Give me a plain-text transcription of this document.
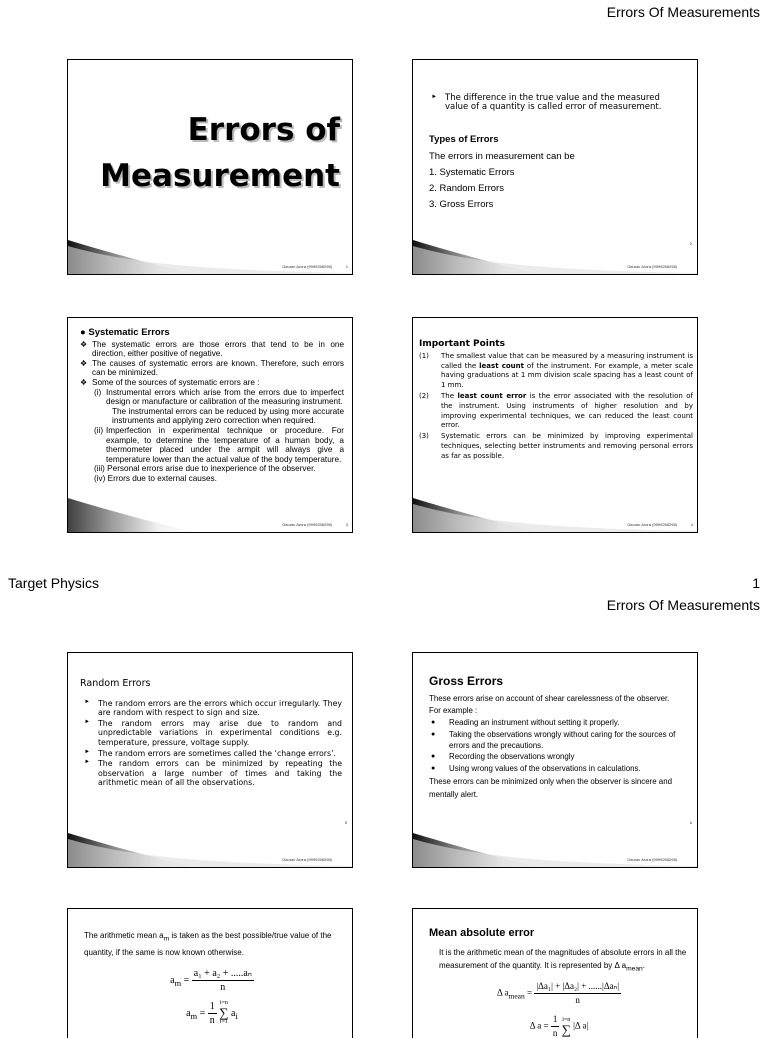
Errors Of Measurements
Errors of
Measurement
Gaurav Arora (9999258298)	1
‣ The difference in the true value and the measured value of a quantity is called error of measurement.
Types of Errors
The errors in measurement can be
1. Systematic Errors
2. Random Errors
3. Gross Errors
2
Gaurav Arora (9999258298)
● Systematic Errors
❖ The systematic errors are those errors that tend to be in one direction, either positive of negative.
❖ The causes of systematic errors are known. Therefore, such errors can be minimized.
❖ Some of the sources of systematic errors are :
(i) Instrumental errors which arise from the errors due to imperfect design or manufacture or calibration of the measuring instrument.
The instrumental errors can be reduced by using more accurate instruments and applying zero correction when required.
(ii) Imperfection in experimental technique or procedure. For example, to determine the temperature of a human body, a thermometer placed under the armpit will always give a temperature lower than the actual value of the body temperature.
(iii) Personal errors arise due to inexperience of the observer.
(iv) Errors due to external causes.
Gaurav Arora (9999258298)	3
Important Points
(1) The smallest value that can be measured by a measuring instrument is called the least count of the instrument. For example, a meter scale having graduations at 1 mm division scale spacing has a least count of 1 mm.
(2) The least count error is the error associated with the resolution of the instrument. Using instruments of higher resolution and by improving experimental techniques, we can reduced the least count error.
(3) Systematic errors can be minimized by improving experimental techniques, selecting better instruments and removing personal errors as far as possible.
Gaurav Arora (9999258298)	4
Target Physics	1
Errors Of Measurements
Random Errors
‣ The random errors are the errors which occur irregularly. They are random with respect to sign and size.
‣ The random errors may arise due to random and unpredictable variations in experimental conditions e.g. temperature, pressure, voltage supply.
‣ The random errors are sometimes called the ‘change errors’.
‣ The random errors can be minimized by repeating the observation a large number of times and taking the arithmetic mean of all the observations.
5
Gaurav Arora (9999258298)
Gross Errors
These errors arise on account of shear carelessness of the observer.
For example :
● Reading an instrument without setting it properly.
● Taking the observations wrongly without caring for the sources of errors and the precautions.
● Recording the observations wrongly
● Using wrong values of the observations in calculations.
These errors can be minimized only when the observer is sincere and mentally alert.
6
Gaurav Arora (9999258298)
The arithmetic mean $a_m$ is taken as the best possible/true value of the quantity, if the same is now known otherwise.
$a_m = \frac{\text{a₁ + a₂ + .....aₙ}}{n}$
$a_m = \frac{1}{n} i=n$
∑
i=1 $a_i$
Mean absolute error
It is the arithmetic mean of the magnitudes of absolute errors in all the measurement of the quantity. It is represented by Δ $a_{mean}$.
Δ $a_{mean} = \frac{\text{|Δa₁| + |Δa₂| + ......|Δaₙ|}}{n}$
Δ $a = \frac{1}{n} i=n$
∑ |Δ a|
